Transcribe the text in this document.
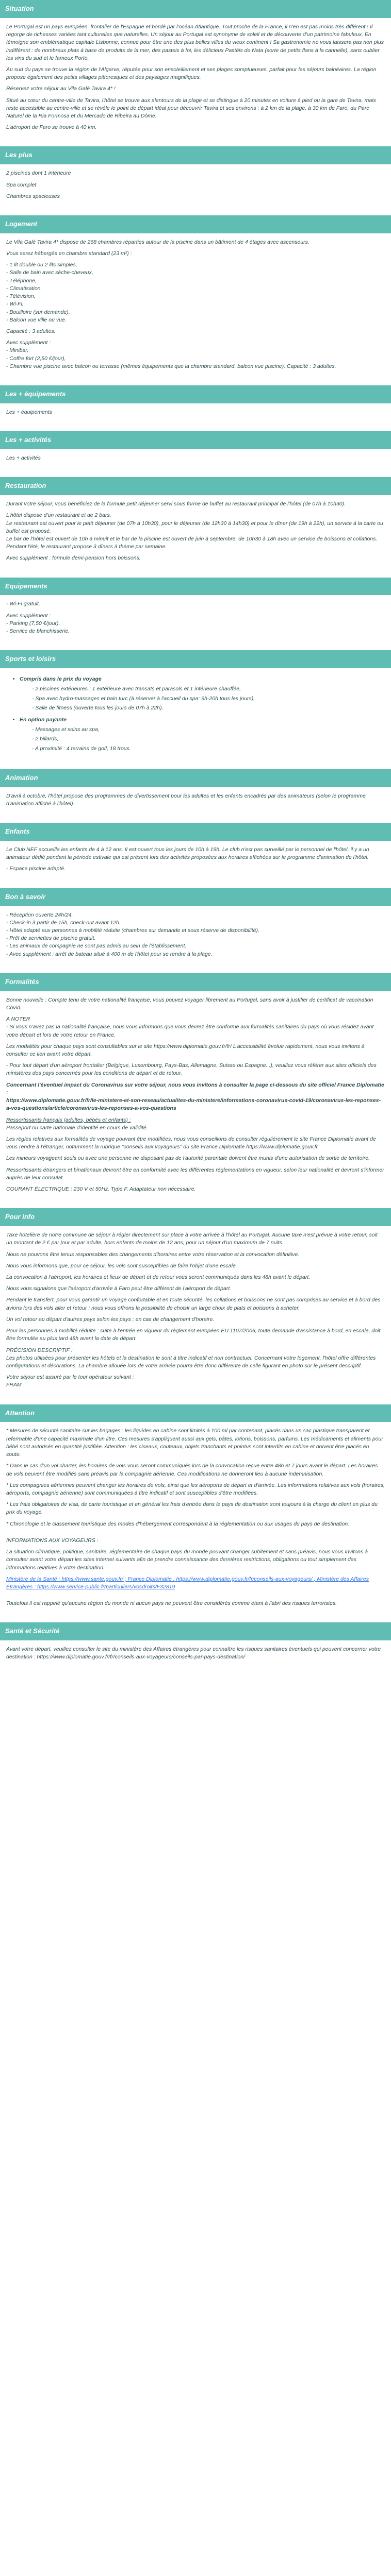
Situation

Le Portugal est un pays européen, frontalier de l'Espagne et bordé par l'océan Atlantique. Tout proche de la France, il n'en est pas moins très différent ! Il regorge de richesses variées tant culturelles que naturelles. Un séjour au Portugal est synonyme de soleil et de découverte d'un patrimoine fabuleux. En témoigne son emblématique capitale Lisbonne, connue pour être une des plus belles villes du vieux continent ! Sa gastronomie ne vous laissera pas non plus indifférent : de nombreux plats à base de produits de la mer, des pasteis à foi, les délicieux Pastéis de Nata (sorte de petits flans à la cannelle), sans oublier les vins du sud et le fameux Porto.

Au sud du pays se trouve la région de l'Algarve, réputée pour son ensoleillement et ses plages somptueuses, parfait pour les séjours balnéaires. La région propose également des petits villages pittoresques et des paysages magnifiques.

Réservez votre séjour au Vila Galé Tavira 4* !

Situé au cœur du centre-ville de Tavira, l'hôtel se trouve aux alentours de la plage et se distingue à 20 minutes en voiture à pied ou la gare de Tavira, mais reste accessible au centre-ville et se révèle le point de départ idéal pour découvrir Tavira et ses environs : à 2 km de la plage, à 30 km de Faro, du Parc Naturel de la Ria Formosa et du Mercado de Ribeira au Dôme.

L'aéroport de Faro se trouve à 40 km.

Les plus

2 piscines dont 1 intérieure

Spa complet

Chambres spacieuses

Logement

Le Vila Galé Tavira 4* dispose de 268 chambres réparties autour de la piscine dans un bâtiment de 4 étages avec ascenseurs.

Vous serez hébergés en chambre standard (23 m²) :

- 1 lit double ou 2 lits simples,

- Salle de bain avec sèche-cheveux,

- Téléphone,

- Climatisation,

- Télévision,

- Wi-Fi,

- Bouilloire (sur demande),

- Balcon vue ville ou vue.

Capacité : 3 adultes.

Avec supplément :

- Minibar,

- Coffre fort (2,50 €/jour),

- Chambre vue piscine avec balcon ou terrasse (mêmes équipements que la chambre standard, balcon vue piscine). Capacité : 3 adultes.

Les + équipements

Les + équipements

Les + activités

Les + activités

Restauration

Durant votre séjour, vous bénéficiez de la formule petit déjeuner servi sous forme de buffet au restaurant principal de l'hôtel (de 07h à 10h30).

L'hôtel dispose d'un restaurant et de 2 bars.

Le restaurant est ouvert pour le petit déjeuner (de 07h à 10h30), pour le déjeuner (de 12h30 à 14h30) et pour le dîner (de 19h à 22h), un service à la carte ou buffet est proposé.

Le bar de l'hôtel est ouvert de 10h à minuit et le bar de la piscine est ouvert de juin à septembre, de 10h30 à 18h avec un service de boissons et collations.

Pendant l'été, le restaurant propose 3 dîners à thème par semaine.

Avec supplément : formule demi-pension hors boissons.

Equipements

- Wi-Fi gratuit.

Avec supplément :

- Parking (7,50 €/jour),

- Service de blanchisserie.

Sports et loisirs
• Compris dans le prix du voyage
- 2 piscines extérieures : 1 extérieure avec transats et parasols et 1 intérieure chauffée,
- Spa avec hydro-massages et bain turc (à réserver à l'accueil du spa: 9h-20h tous les jours),
- Salle de fitness (ouverte tous les jours de 07h à 22h).
• En option payante
- Massages et soins au spa,
- 2 billards,
- A proximité : 4 terrains de golf, 18 trous.
Animation

D'avril à octobre, l'hôtel propose des programmes de divertissement pour les adultes et les enfants encadrés par des animateurs (selon le programme d'animation affiché à l'hôtel).

Enfants

Le Club NEF accueille les enfants de 4 à 12 ans. Il est ouvert tous les jours de 10h à 19h. Le club n'est pas surveillé par le personnel de l'hôtel, il y a un animateur dédié pendant la période estivale qui est présent lors des activités proposées aux horaires affichées sur le programme d'animation de l'hôtel.

- Espace piscine adapté.

Bon à savoir

- Réception ouverte 24h/24.

- Check-in à partir de 15h, check-out avant 12h.

- Hôtel adapté aux personnes à mobilité réduite (chambres sur demande et sous réserve de disponibilité).

- Prêt de serviettes de piscine gratuit.

- Les animaux de compagnie ne sont pas admis au sein de l'établissement.

- Avec supplément : arrêt de bateau situé à 400 m de l'hôtel pour se rendre à la plage.

Formalités

Bonne nouvelle : Compte tenu de votre nationalité française, vous pouvez voyager librement au Portugal, sans avoir à justifier de certificat de vaccination Covid.

A NOTER

- Si vous n'avez pas la nationalité française, nous vous informons que vous devrez être conforme aux formalités sanitaires du pays où vous résidez avant votre départ et lors de votre retour en France.

Les modalités pour chaque pays sont consultables sur le site https://www.diplomatie.gouv.fr/fr/ L'accessibilité évolue rapidement, nous vous invitons à consulter ce lien avant votre départ.

- Pour tout départ d'un aéroport frontalier (Belgique, Luxembourg, Pays-Bas, Allemagne, Suisse ou Espagne...), veuillez vous référer aux sites officiels des ministères des pays concernés pour les conditions de départ et de retour.

Concernant l'éventuel impact du Coronavirus sur votre séjour, nous vous invitons à consulter la page ci-dessous du site officiel France Diplomatie :

https://www.diplomatie.gouv.fr/fr/le-ministere-et-son-reseau/actualites-du-ministere/informations-coronavirus-covid-19/coronavirus-les-reponses-a-vos-questions/article/coronavirus-les-reponses-a-vos-questions

Ressortissants français (adultes, bébés et enfants) :

Passeport ou carte nationale d'identité en cours de validité.

Les règles relatives aux formalités de voyage pouvant être modifiées, nous vous conseillons de consulter régulièrement le site France Diplomatie avant de vous rendre à l'étranger, notamment la rubrique "conseils aux voyageurs" du site France Diplomatie https://www.diplomatie.gouv.fr

Les mineurs voyageant seuls ou avec une personne ne disposant pas de l'autorité parentale doivent être munis d'une autorisation de sortie de territoire.

Ressortissants étrangers et binationaux devront être en conformité avec les différentes réglementations en vigueur, selon leur nationalité et devront s'informer auprès de leur consulat.

COURANT ÉLECTRIQUE : 230 V et 50Hz. Type F. Adaptateur non nécessaire.

Pour info

Taxe hotelière de notre commune de séjour à régler directement sur place à votre arrivée à l'hôtel au Portugal. Aucune taxe n'est prévue à votre retour, soit un montant de 2 € par jour et par adulte, hors enfants de moins de 12 ans, pour un séjour d'un maximum de 7 nuits.

Nous ne pouvons être tenus responsables des changements d'horaires entre votre réservation et la convocation définitive.

Nous vous informons que, pour ce séjour, les vols sont susceptibles de faire l'objet d'une escale.

La convocation à l'aéroport, les horaires et lieux de départ et de retour vous seront communiqués dans les 48h avant le départ.

Nous vous signalons que l'aéroport d'arrivée à Faro peut être différent de l'aéroport de départ.

Pendant le transfert, pour vous garantir un voyage confortable et en toute sécurité, les collations et boissons ne sont pas comprises au service et à bord des avions lors des vols aller et retour ; nous vous offrons la possibilité de choisir un large choix de plats et boissons à acheter.

Un vol retour au départ d'autres pays selon les pays ; en cas de changement d'horaire.

Pour les personnes à mobilité réduite : suite à l'entrée en vigueur du règlement européen EU 1107/2006, toute demande d'assistance à bord, en escale, doit être formulée au plus tard 48h avant la date de départ.

PRÉCISION DESCRIPTIF :

Les photos utilisées pour présenter les hôtels et la destination le sont à titre indicatif et non contractuel. Concernant votre logement, l'hôtel offre différentes configurations et décorations. La chambre allouée lors de votre arrivée pourra être donc différente de celle figurant en photo sur le présent descriptif.

Votre séjour est assuré par le tour opérateur suivant :

FRAM

Attention

* Mesures de sécurité sanitaire sur les bagages : les liquides en cabine sont limités à 100 ml par contenant, placés dans un sac plastique transparent et refermable d'une capacité maximale d'un litre. Ces mesures s'appliquent aussi aux gels, pâtes, lotions, boissons, parfums. Les médicaments et aliments pour bébé sont autorisés en quantité justifiée. Attention : les ciseaux, couteaux, objets tranchants et pointus sont interdits en cabine et doivent être placés en soute.

* Dans le cas d'un vol charter, les horaires de vols vous seront communiqués lors de la convocation reçue entre 48h et 7 jours avant le départ. Les horaires de vols peuvent être modifiés sans préavis par la compagnie aérienne. Ces modifications ne donneront lieu à aucune indemnisation.

* Les compagnies aériennes peuvent changer les horaires de vols, ainsi que les aéroports de départ et d'arrivée. Les informations relatives aux vols (horaires, aéroports, compagnie aérienne) sont communiquées à titre indicatif et sont susceptibles d'être modifiées.

* Les frais obligatoires de visa, de carte touristique et en général les frais d'entrée dans le pays de destination sont toujours à la charge du client en plus du prix du voyage.

* Chronologie et le classement touristique des modes d'hébergement correspondent à la réglementation ou aux usages du pays de destination.

INFORMATIONS AUX VOYAGEURS :

La situation climatique, politique, sanitaire, réglementaire de chaque pays du monde pouvant changer subitement et sans préavis, nous vous invitons à consulter avant votre départ les sites internet suivants afin de prendre connaissance des dernières restrictions, obligations ou tout simplement des informations relatives à votre destination.

Ministère de la Santé : https://www.sante.gouv.fr/ ; France Diplomatie : https://www.diplomatie.gouv.fr/fr/conseils-aux-voyageurs/ ; Ministère des Affaires Étrangères : https://www.service-public.fr/particuliers/vosdroits/F32819

Toutefois il est rappelé qu'aucune région du monde ni aucun pays ne peuvent être considérés comme étant à l'abri des risques terroristes.

Santé et Sécurité

Avant votre départ, veuillez consulter le site du ministère des Affaires étrangères pour connaître les risques sanitaires éventuels qui peuvent concerner votre destination : https://www.diplomatie.gouv.fr/fr/conseils-aux-voyageurs/conseils-par-pays-destination/
